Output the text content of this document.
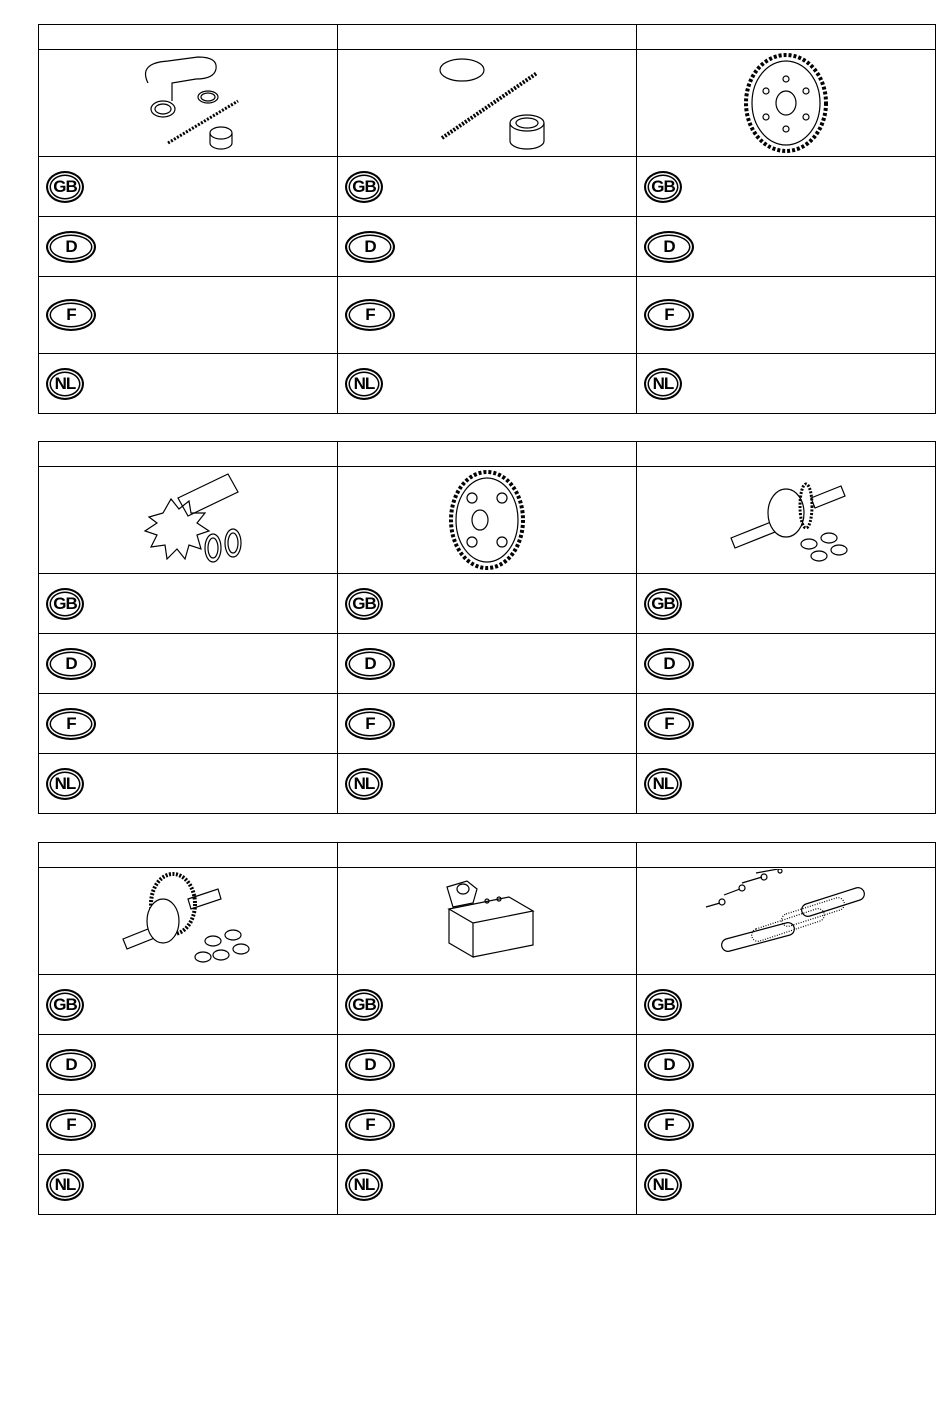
GB	GB	GB
D	D	D
F	F	F
NL	NL	NL

GB	GB	GB
D	D	D
F	F	F
NL	NL	NL

GB	GB	GB
D	D	D
F	F	F
NL	NL	NL
